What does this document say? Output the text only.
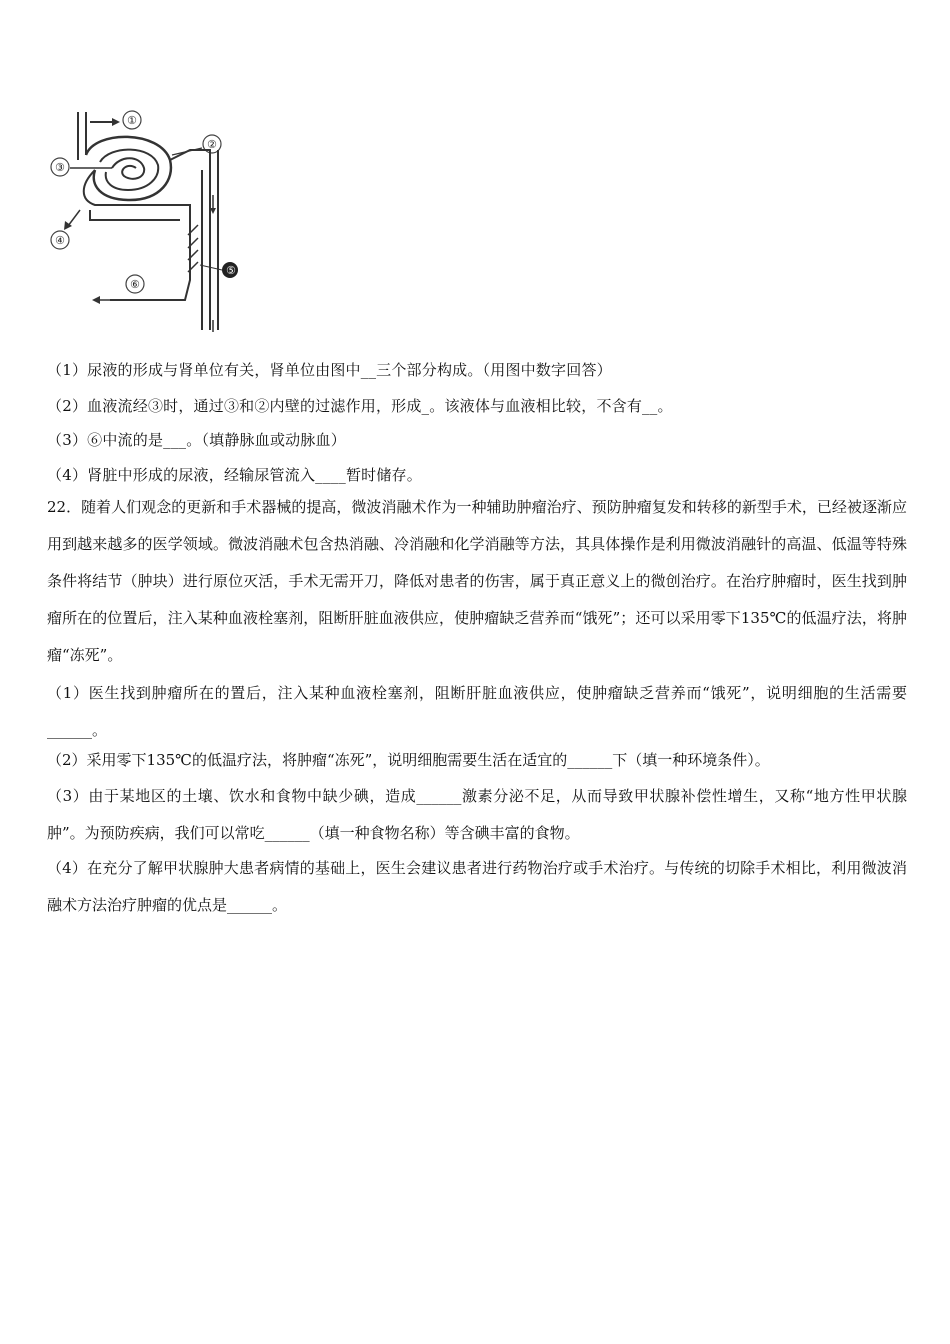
①
③
②
④
⑤
⑥
（1）尿液的形成与肾单位有关，肾单位由图中__三个部分构成。（用图中数字回答）
（2）血液流经③时，通过③和②内壁的过滤作用，形成_。该液体与血液相比较，不含有__。
（3）⑥中流的是___。（填静脉血或动脉血）
（4）肾脏中形成的尿液，经输尿管流入____暂时储存。
22．随着人们观念的更新和手术器械的提高，微波消融术作为一种辅助肿瘤治疗、预防肿瘤复发和转移的新型手术，已经被逐渐应用到越来越多的医学领域。微波消融术包含热消融、冷消融和化学消融等方法，其具体操作是利用微波消融针的高温、低温等特殊条件将结节（肿块）进行原位灭活，手术无需开刀，降低对患者的伤害，属于真正意义上的微创治疗。在治疗肿瘤时，医生找到肿瘤所在的位置后，注入某种血液栓塞剂，阻断肝脏血液供应，使肿瘤缺乏营养而“饿死”；还可以采用零下135℃的低温疗法，将肿瘤“冻死”。
（1）医生找到肿瘤所在的置后，注入某种血液栓塞剂，阻断肝脏血液供应，使肿瘤缺乏营养而“饿死”，说明细胞的生活需要______。
（2）采用零下135℃的低温疗法，将肿瘤“冻死”，说明细胞需要生活在适宜的______下（填一种环境条件）。
（3）由于某地区的土壤、饮水和食物中缺少碘，造成______激素分泌不足，从而导致甲状腺补偿性增生，又称“地方性甲状腺肿”。为预防疾病，我们可以常吃______（填一种食物名称）等含碘丰富的食物。
（4）在充分了解甲状腺肿大患者病情的基础上，医生会建议患者进行药物治疗或手术治疗。与传统的切除手术相比，利用微波消融术方法治疗肿瘤的优点是______。
